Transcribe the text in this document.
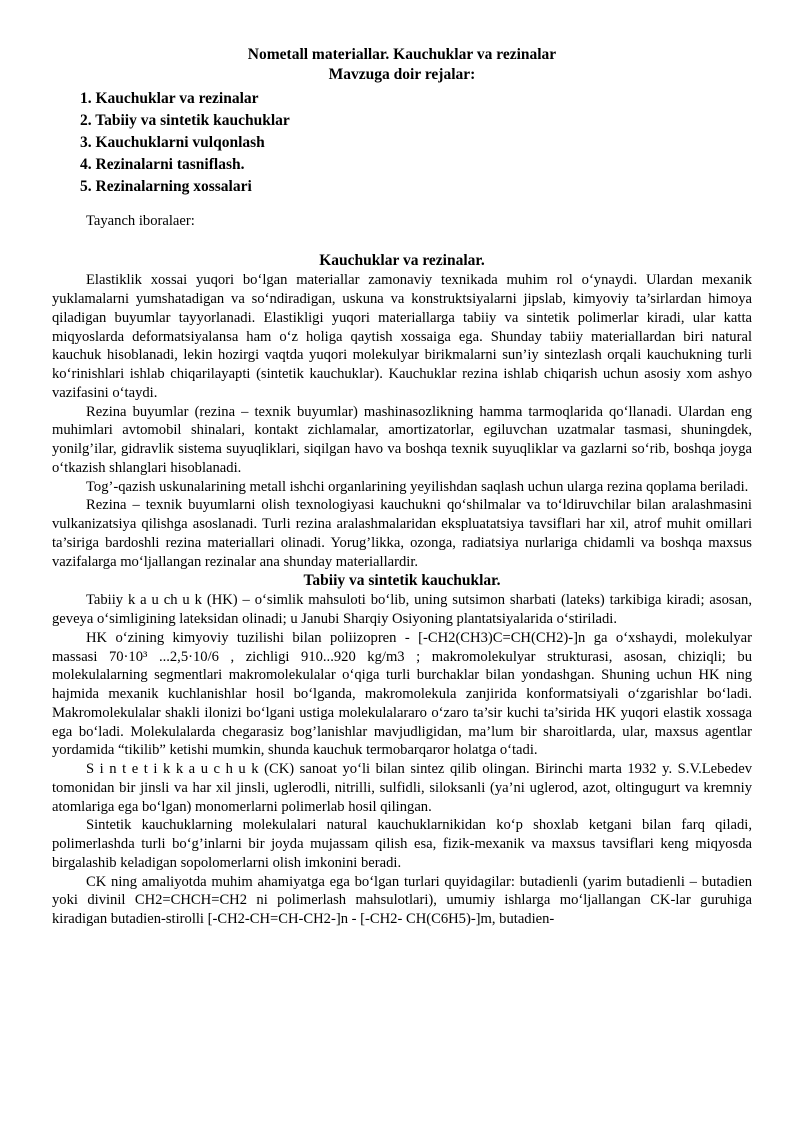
Nometall materiallar. Kauchuklar va rezinalar
Mavzuga doir rejalar:
1. Kauchuklar va rezinalar
2. Tabiiy va sintetik kauchuklar
3. Kauchuklarni vulqonlash
4. Rezinalarni tasniflash.
5. Rezinalarning xossalari

Tayanch iboralaer:

Kauchuklar va rezinalar.

Elastiklik xossai yuqori bo‘lgan materiallar zamonaviy texnikada muhim rol o‘ynaydi. Ulardan mexanik yuklamalarni yumshatadigan va so‘ndiradigan, uskuna va konstruktsiyalarni jipslab, kimyoviy ta’sirlardan himoya qiladigan buyumlar tayyorlanadi. Elastikligi yuqori materiallarga tabiiy va sintetik polimerlar kiradi, ular katta miqyoslarda deformatsiyalansa ham o‘z holiga qaytish xossaiga ega. Shunday tabiiy materiallardan biri natural kauchuk hisoblanadi, lekin hozirgi vaqtda yuqori molekulyar birikmalarni sun’iy sintezlash orqali kauchukning turli ko‘rinishlari ishlab chiqarilayapti (sintetik kauchuklar). Kauchuklar rezina ishlab chiqarish uchun asosiy xom ashyo vazifasini o‘taydi.

Rezina buyumlar (rezina – texnik buyumlar) mashinasozlikning hamma tarmoqlarida qo‘llanadi. Ulardan eng muhimlari avtomobil shinalari, kontakt zichlamalar, amortizatorlar, egiluvchan uzatmalar tasmasi, shuningdek, yonilg’ilar, gidravlik sistema suyuqliklari, siqilgan havo va boshqa texnik suyuqliklar va gazlarni so‘rib, boshqa joyga o‘tkazish shlanglari hisoblanadi.

Tog’-qazish uskunalarining metall ishchi organlarining yeyilishdan saqlash uchun ularga rezina qoplama beriladi.

Rezina – texnik buyumlarni olish texnologiyasi kauchukni qo‘shilmalar va to‘ldiruvchilar bilan aralashmasini vulkanizatsiya qilishga asoslanadi. Turli rezina aralashmalaridan ekspluatatsiya tavsiflari har xil, atrof muhit omillari ta’siriga bardoshli rezina materiallari olinadi. Yorug’likka, ozonga, radiatsiya nurlariga chidamli va boshqa maxsus vazifalarga mo‘ljallangan rezinalar ana shunday materiallardir.

Tabiiy va sintetik kauchuklar.

Tabiiy k a u ch u k (HK) – o‘simlik mahsuloti bo‘lib, uning sutsimon sharbati (lateks) tarkibiga kiradi; asosan, geveya o‘simligining lateksidan olinadi; u Janubi Sharqiy Osiyoning plantatsiyalarida o‘stiriladi.

HK o‘zining kimyoviy tuzilishi bilan poliizopren - [-CH2(CH3)C=CH(CH2)-]n ga o‘xshaydi, molekulyar massasi 70·10³ ...2,5·10/6 , zichligi 910...920 kg/m3 ; makromolekulyar strukturasi, asosan, chiziqli; bu molekulalarning segmentlari makromolekulalar o‘qiga turli burchaklar bilan yondashgan. Shuning uchun HK ning hajmida mexanik kuchlanishlar hosil bo‘lganda, makromolekula zanjirida konformatsiyali o‘zgarishlar bo‘ladi. Makromolekulalar shakli ilonizi bo‘lgani ustiga molekulalararo o‘zaro ta’sir kuchi ta’sirida HK yuqori elastik xossaga ega bo‘ladi. Molekulalarda chegarasiz bog’lanishlar mavjudligidan, ma’lum bir sharoitlarda, ular, maxsus agentlar yordamida “tikilib” ketishi mumkin, shunda kauchuk termobarqaror holatga o‘tadi.

S i n t e t i k k a u c h u k (CK) sanoat yo‘li bilan sintez qilib olingan. Birinchi marta 1932 y. S.V.Lebedev tomonidan bir jinsli va har xil jinsli, uglerodli, nitrilli, sulfidli, siloksanli (ya’ni uglerod, azot, oltingugurt va kremniy atomlariga ega bo‘lgan) monomerlarni polimerlab hosil qilingan.

Sintetik kauchuklarning molekulalari natural kauchuklarnikidan ko‘p shoxlab ketgani bilan farq qiladi, polimerlashda turli bo‘g’inlarni bir joyda mujassam qilish esa, fizik-mexanik va maxsus tavsiflari keng miqyosda birgalashib keladigan sopolomerlarni olish imkonini beradi.

CK ning amaliyotda muhim ahamiyatga ega bo‘lgan turlari quyidagilar: butadienli (yarim butadienli – butadien yoki divinil CH2=CHCH=CH2 ni polimerlash mahsulotlari), umumiy ishlarga mo‘ljallangan CK-lar guruhiga kiradigan butadien-stirolli [-CH2-CH=CH-CH2-]n - [-CH2- CH(C6H5)-]m, butadien-
